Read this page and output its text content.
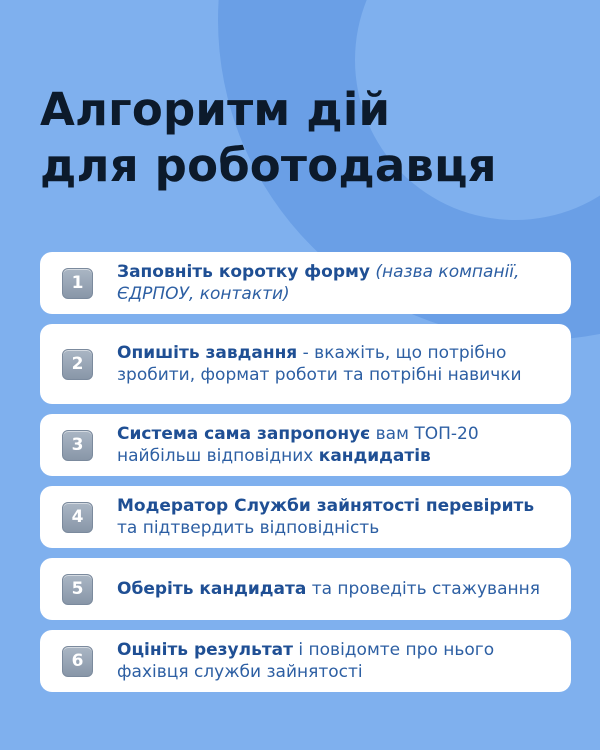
Алгоритм дій
для роботодавця
1
Заповніть коротку форму (назва компанії, ЄДРПОУ, контакти)
2
Опишіть завдання - вкажіть, що потрібно зробити, формат роботи та потрібні навички
3
Система сама запропонує вам ТОП-20 найбільш відповідних кандидатів
4
Модератор Служби зайнятості перевірить та підтвердить відповідність
5	Оберіть кандидата та проведіть стажування
6
Оцініть результат і повідомте про нього фахівця служби зайнятості
